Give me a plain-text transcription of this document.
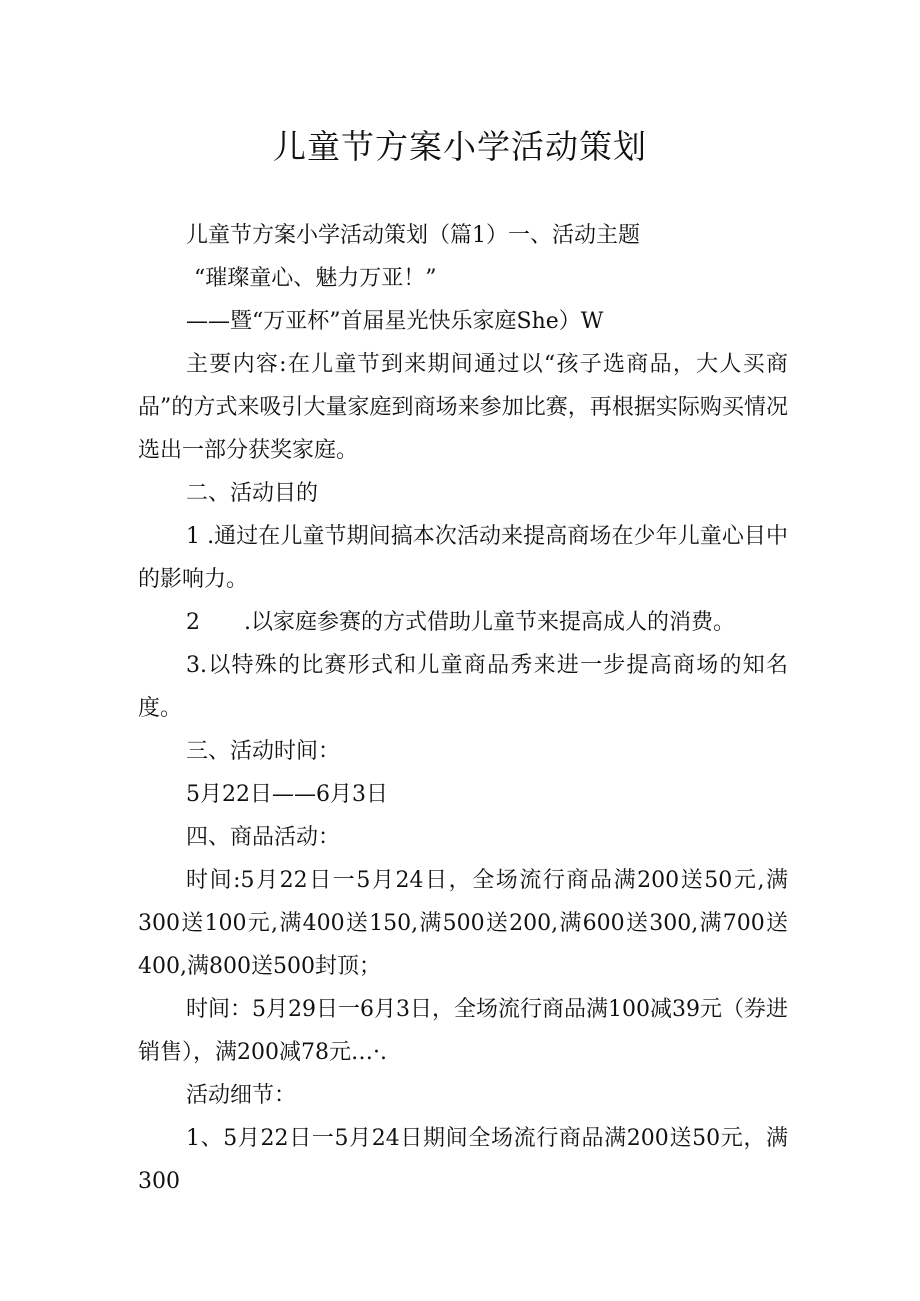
儿童节方案小学活动策划

儿童节方案小学活动策划（篇1）一、活动主题

“璀璨童心、魅力万亚！”

——暨“万亚杯”首届星光快乐家庭She）W

主要内容:在儿童节到来期间通过以“孩子选商品，大人买商品”的方式来吸引大量家庭到商场来参加比赛，再根据实际购买情况选出一部分获奖家庭。

二、活动目的

1 .通过在儿童节期间搞本次活动来提高商场在少年儿童心目中的影响力。

2　　.以家庭参赛的方式借助儿童节来提高成人的消费。

3.以特殊的比赛形式和儿童商品秀来进一步提高商场的知名度。

三、活动时间：

5月22日——6月3日

四、商品活动：

时间:5月22日一5月24日，全场流行商品满200送50元,满300送100元,满400送150,满500送200,满600送300,满700送400,满800送500封顶；

时间：5月29日一6月3日，全场流行商品满100减39元（券进销售），满200减78元…·.

活动细节：

1、5月22日一5月24日期间全场流行商品满200送50元，满300
